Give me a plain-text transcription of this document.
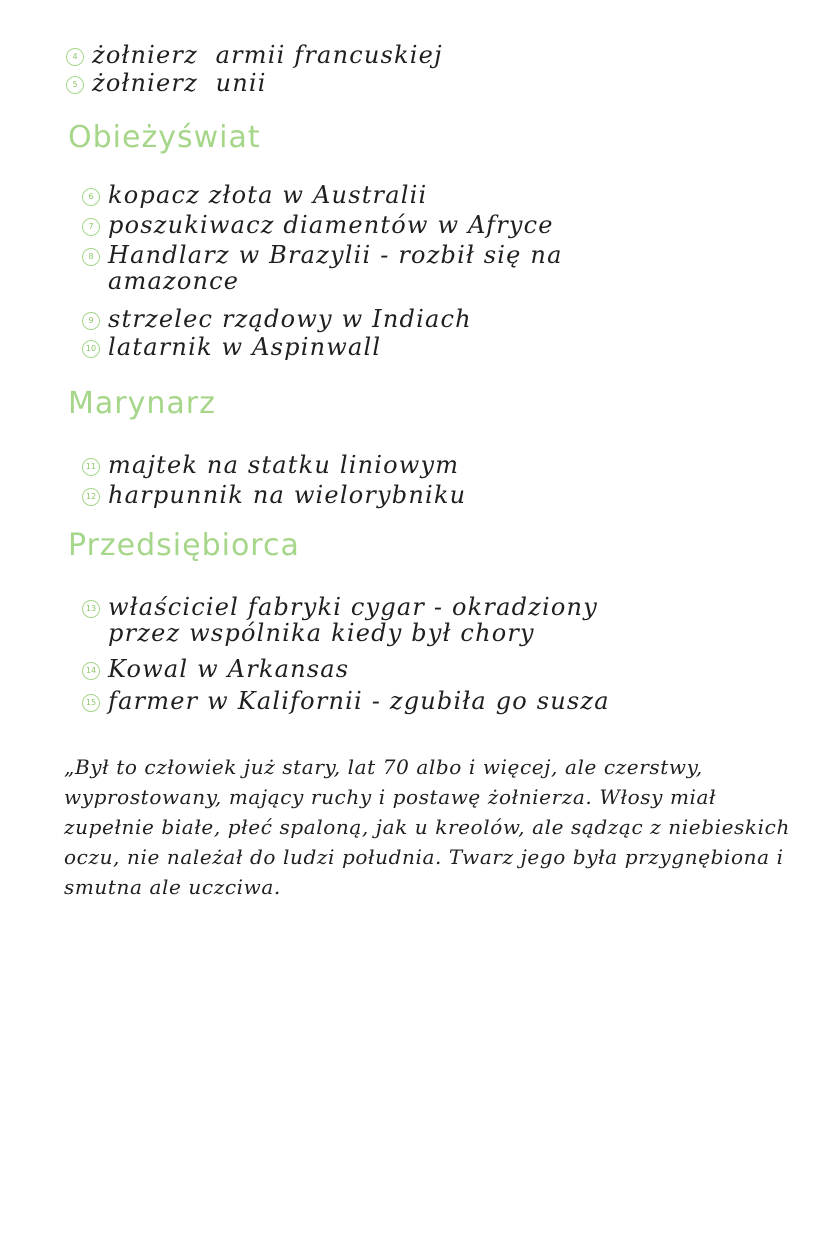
4 żołnierz  armii francuskiej
5 żołnierz  unii
Obieżyświat
6 kopacz złota w Australii
7 poszukiwacz diamentów w Afryce
8 Handlarz w Brazylii - rozbił się na
amazonce
9 strzelec rządowy w Indiach
10 latarnik w Aspinwall
Marynarz
11 majtek na statku liniowym
12 harpunnik na wielorybniku
Przedsiębiorca
13 właściciel fabryki cygar - okradziony
przez wspólnika kiedy był chory
14 Kowal w Arkansas
15 farmer w Kalifornii - zgubiła go susza
„Był to człowiek już stary, lat 70 albo i więcej, ale czerstwy, wyprostowany, mający ruchy i postawę żołnierza. Włosy miał zupełnie białe, płeć spaloną, jak u kreolów, ale sądząc z niebieskich oczu, nie należał do ludzi południa. Twarz jego była przygnębiona i smutna ale uczciwa.
